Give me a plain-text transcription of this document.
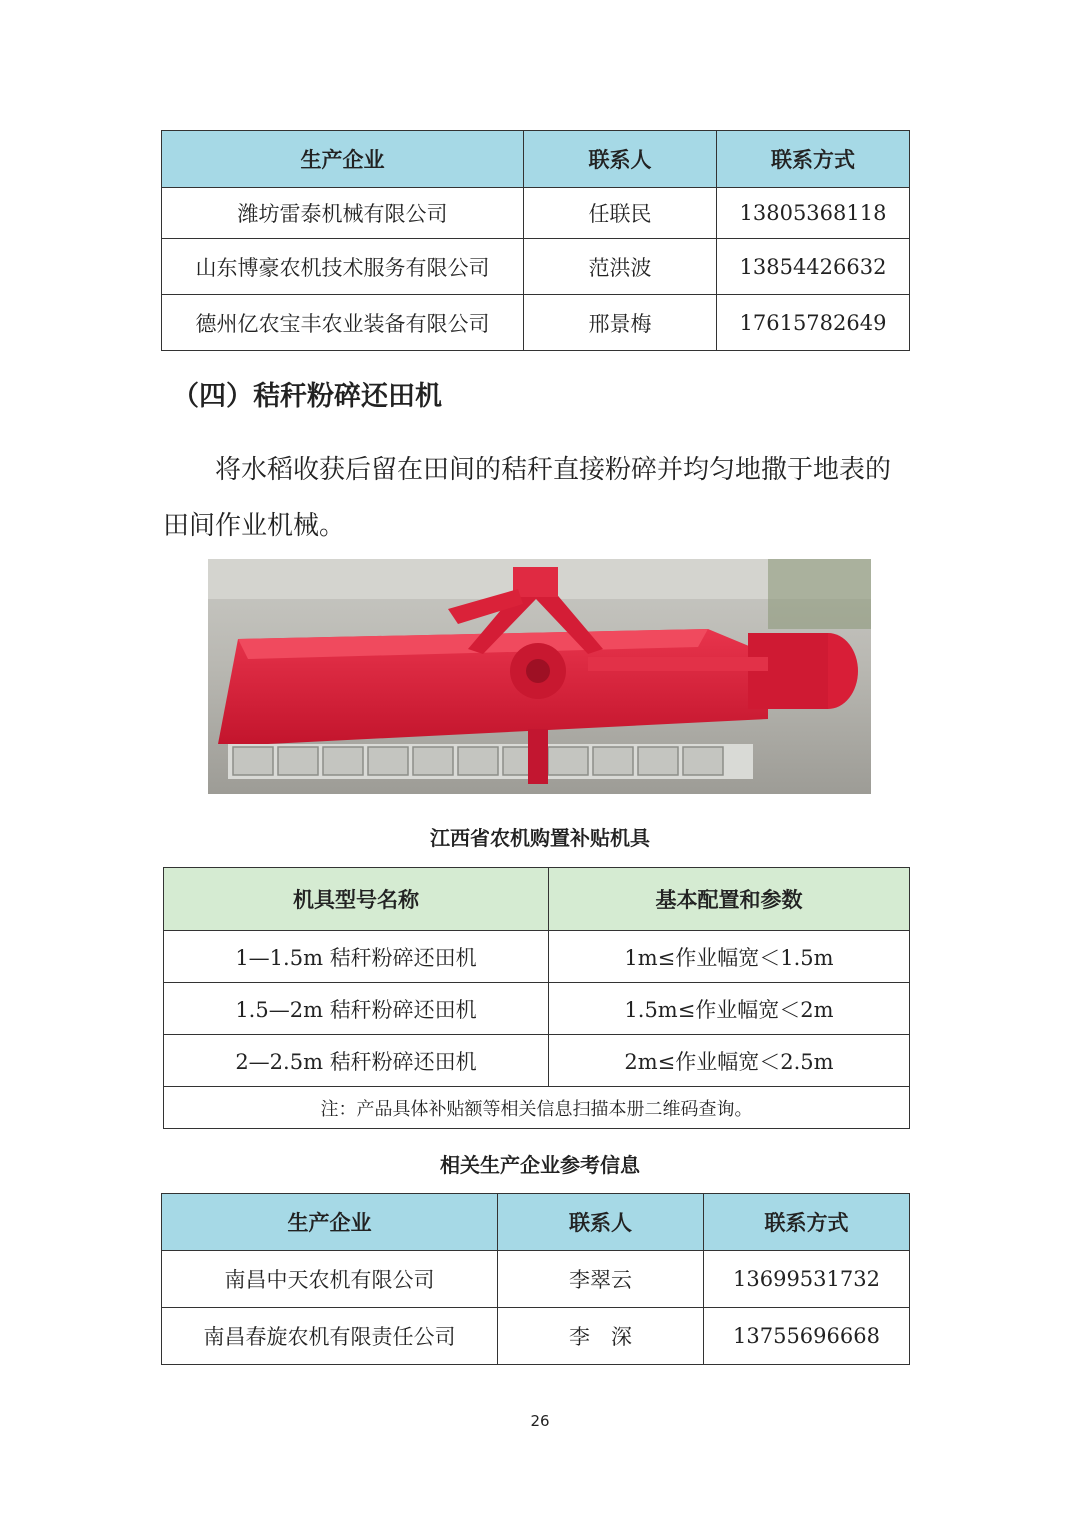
生产企业	联系人	联系方式
潍坊雷泰机械有限公司	任联民	13805368118
山东博豪农机技术服务有限公司	范洪波	13854426632
德州亿农宝丰农业装备有限公司	邢景梅	17615782649
（四）秸秆粉碎还田机

将水稻收获后留在田间的秸秆直接粉碎并均匀地撒于地表的田间作业机械。

江西省农机购置补贴机具

机具型号名称	基本配置和参数
1—1.5m 秸秆粉碎还田机	1m≤作业幅宽＜1.5m
1.5—2m 秸秆粉碎还田机	1.5m≤作业幅宽＜2m
2—2.5m 秸秆粉碎还田机	2m≤作业幅宽＜2.5m
注：产品具体补贴额等相关信息扫描本册二维码查询。	

相关生产企业参考信息

生产企业	联系人	联系方式
南昌中天农机有限公司	李翠云	13699531732
南昌春旋农机有限责任公司	李　深	13755696668
26
